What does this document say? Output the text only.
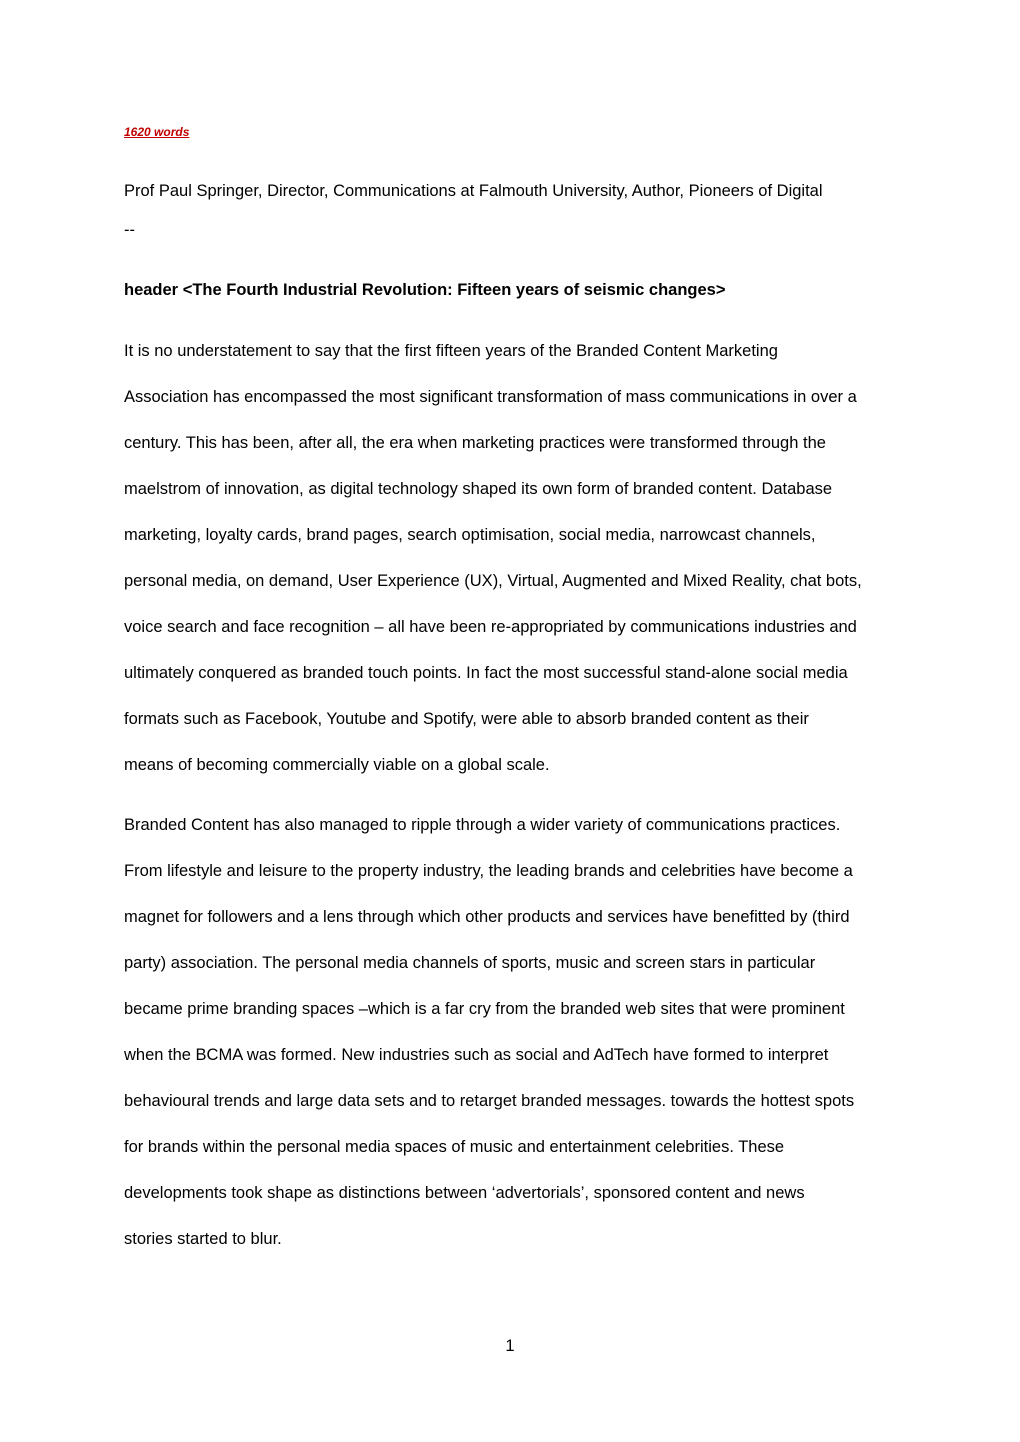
1620 words
Prof Paul Springer, Director, Communications at Falmouth University, Author, Pioneers of Digital
--
header <The Fourth Industrial Revolution: Fifteen years of seismic changes>

It is no understatement to say that the first fifteen years of the Branded Content Marketing
Association has encompassed the most significant transformation of mass communications in over a
century. This has been, after all, the era when marketing practices were transformed through the
maelstrom of innovation, as digital technology shaped its own form of branded content. Database
marketing, loyalty cards, brand pages, search optimisation, social media, narrowcast channels,
personal media, on demand, User Experience (UX), Virtual, Augmented and Mixed Reality, chat bots,
voice search and face recognition – all have been re-appropriated by communications industries and
ultimately conquered as branded touch points. In fact the most successful stand-alone social media
formats such as Facebook, Youtube and Spotify, were able to absorb branded content as their
means of becoming commercially viable on a global scale.

Branded Content has also managed to ripple through a wider variety of communications practices.
From lifestyle and leisure to the property industry, the leading brands and celebrities have become a
magnet for followers and a lens through which other products and services have benefitted by (third
party) association. The personal media channels of sports, music and screen stars in particular
became prime branding spaces –which is a far cry from the branded web sites that were prominent
when the BCMA was formed. New industries such as social and AdTech have formed to interpret
behavioural trends and large data sets and to retarget branded messages. towards the hottest spots
for brands within the personal media spaces of music and entertainment celebrities. These
developments took shape as distinctions between ‘advertorials’, sponsored content and news
stories started to blur.

1
